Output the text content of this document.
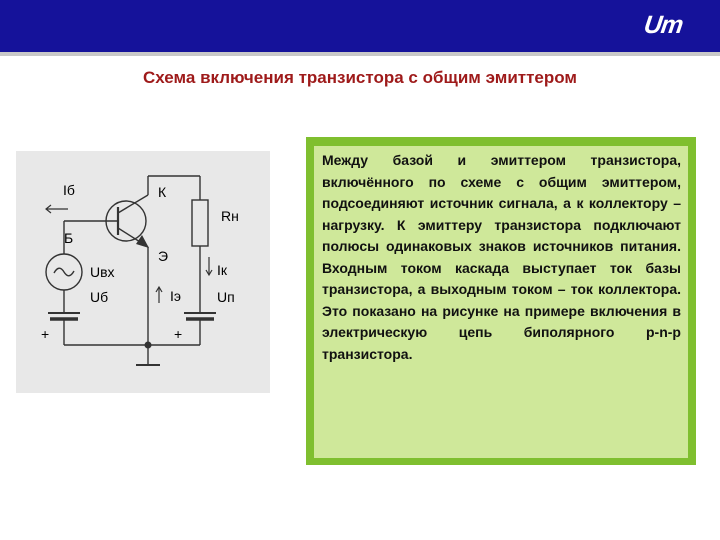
Um
Схема включения транзистора с общим эмиттером
Iб	К
Б
Э
Rн
Uвх
Uб
Iк
Iэ	Uп
+	+

Между базой и эмиттером транзистора, включённого по схеме с общим эмиттером, подсоединяют источник сигнала, а к коллектору – нагрузку. К эмиттеру транзистора подключают полюсы одинаковых знаков источников питания. Входным током каскада выступает ток базы транзистора, а выходным током – ток коллектора. Это показано на рисунке на примере включения в электрическую цепь биполярного p-n-p транзистора.
